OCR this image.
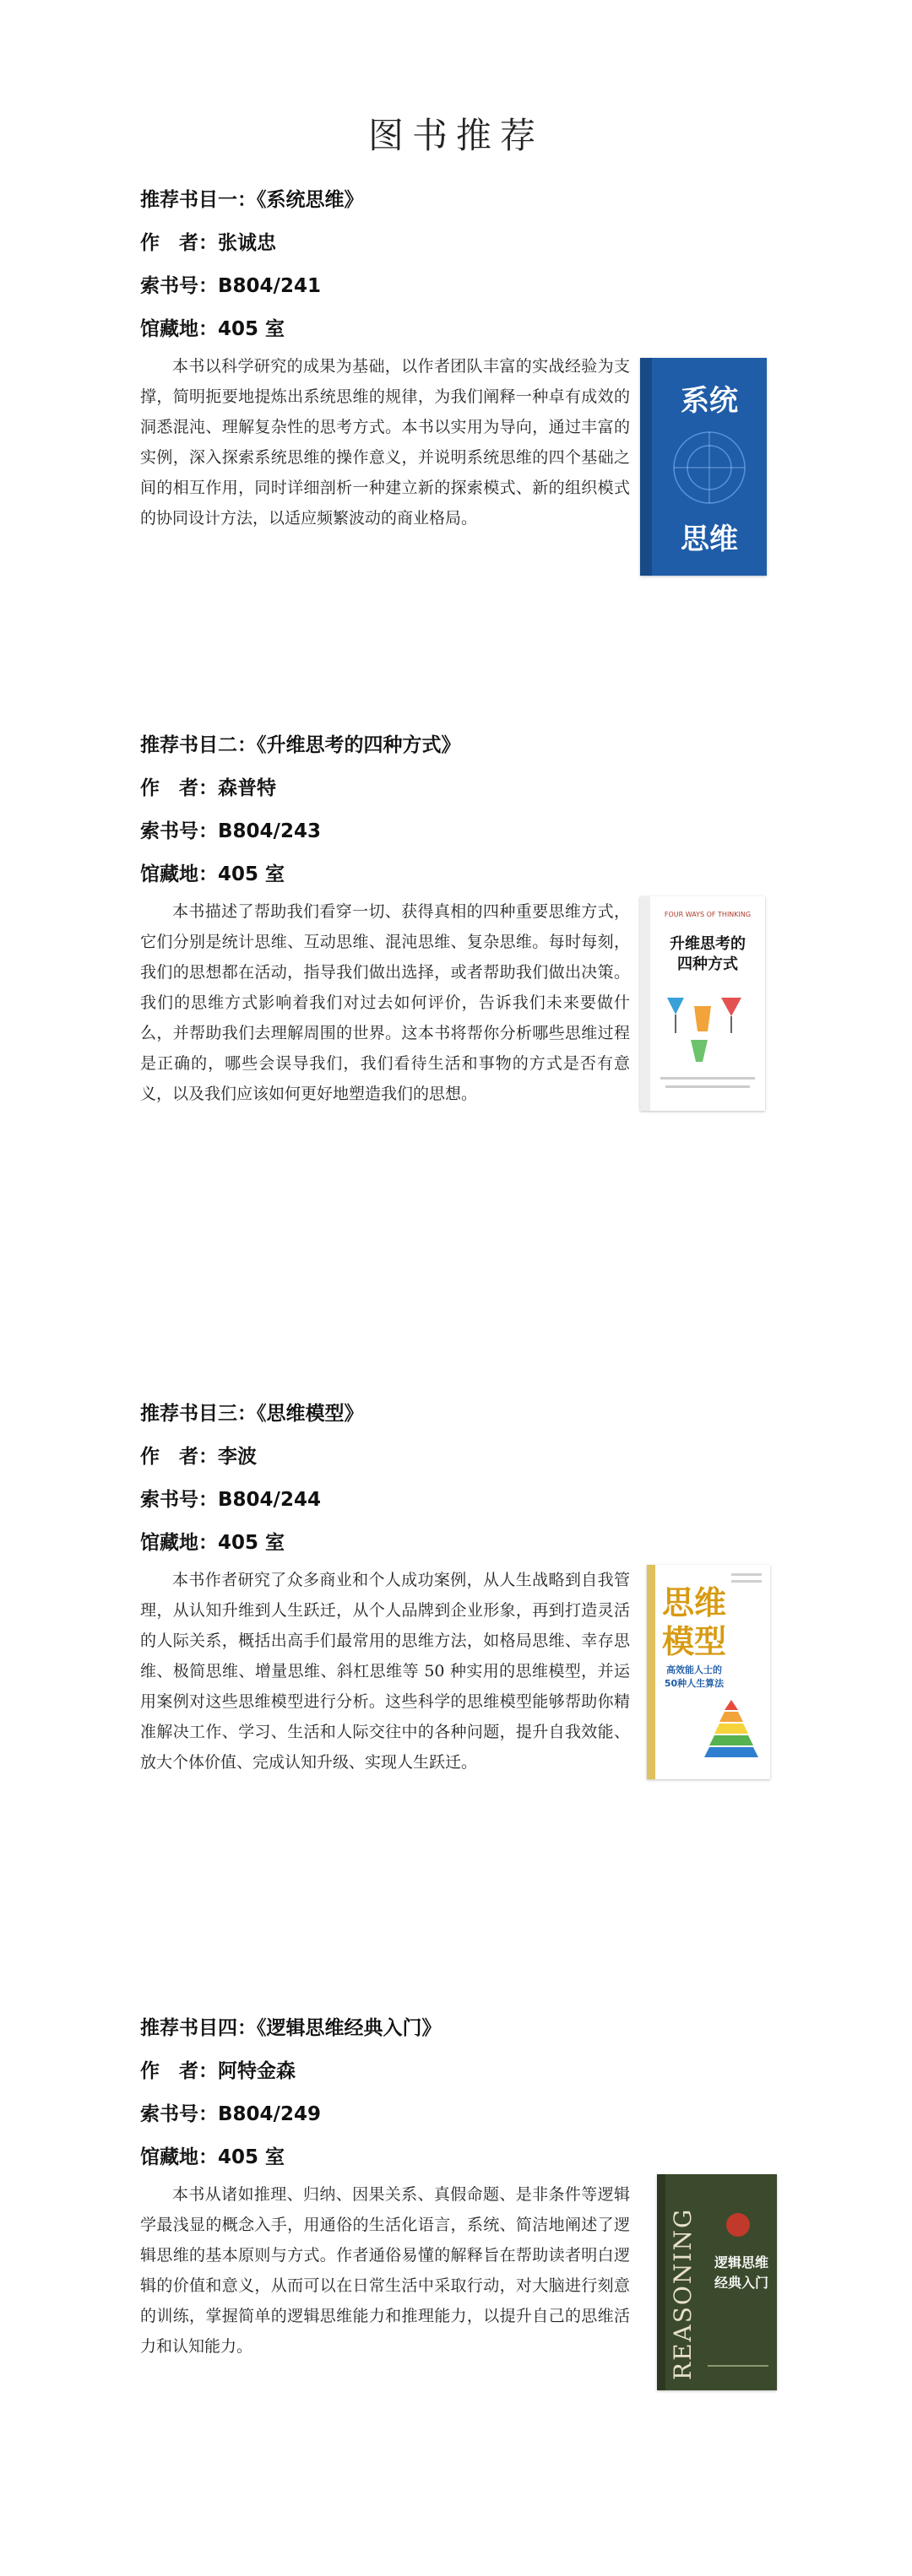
图书推荐
推荐书目一：《系统思维》
作　者：张诚忠
索书号：B804/241
馆藏地：405 室
本书以科学研究的成果为基础，以作者团队丰富的实战经验为支撑，简明扼要地提炼出系统思维的规律，为我们阐释一种卓有成效的洞悉混沌、理解复杂性的思考方式。本书以实用为导向，通过丰富的实例，深入探索系统思维的操作意义，并说明系统思维的四个基础之间的相互作用，同时详细剖析一种建立新的探索模式、新的组织模式的协同设计方法，以适应频繁波动的商业格局。
系统
思维
推荐书目二：《升维思考的四种方式》
作　者：森普特
索书号：B804/243
馆藏地：405 室
本书描述了帮助我们看穿一切、获得真相的四种重要思维方式，它们分别是统计思维、互动思维、混沌思维、复杂思维。每时每刻，我们的思想都在活动，指导我们做出选择，或者帮助我们做出决策。我们的思维方式影响着我们对过去如何评价，告诉我们未来要做什么，并帮助我们去理解周围的世界。这本书将帮你分析哪些思维过程是正确的，哪些会误导我们，我们看待生活和事物的方式是否有意义，以及我们应该如何更好地塑造我们的思想。
FOUR WAYS OF THINKING
升维思考的
四种方式
推荐书目三：《思维模型》
作　者：李波
索书号：B804/244
馆藏地：405 室
本书作者研究了众多商业和个人成功案例，从人生战略到自我管理，从认知升维到人生跃迁，从个人品牌到企业形象，再到打造灵活的人际关系，概括出高手们最常用的思维方法，如格局思维、幸存思维、极简思维、增量思维、斜杠思维等 50 种实用的思维模型，并运用案例对这些思维模型进行分析。这些科学的思维模型能够帮助你精准解决工作、学习、生活和人际交往中的各种问题，提升自我效能、放大个体价值、完成认知升级、实现人生跃迁。
思维
模型
高效能人士的
50种人生算法
推荐书目四：《逻辑思维经典入门》
作　者：阿特金森
索书号：B804/249
馆藏地：405 室
本书从诸如推理、归纳、因果关系、真假命题、是非条件等逻辑学最浅显的概念入手，用通俗的生活化语言，系统、简洁地阐述了逻辑思维的基本原则与方式。作者通俗易懂的解释旨在帮助读者明白逻辑的价值和意义，从而可以在日常生活中采取行动，对大脑进行刻意的训练，掌握简单的逻辑思维能力和推理能力，以提升自己的思维活力和认知能力。	REASONING 逻辑思维
经典入门
